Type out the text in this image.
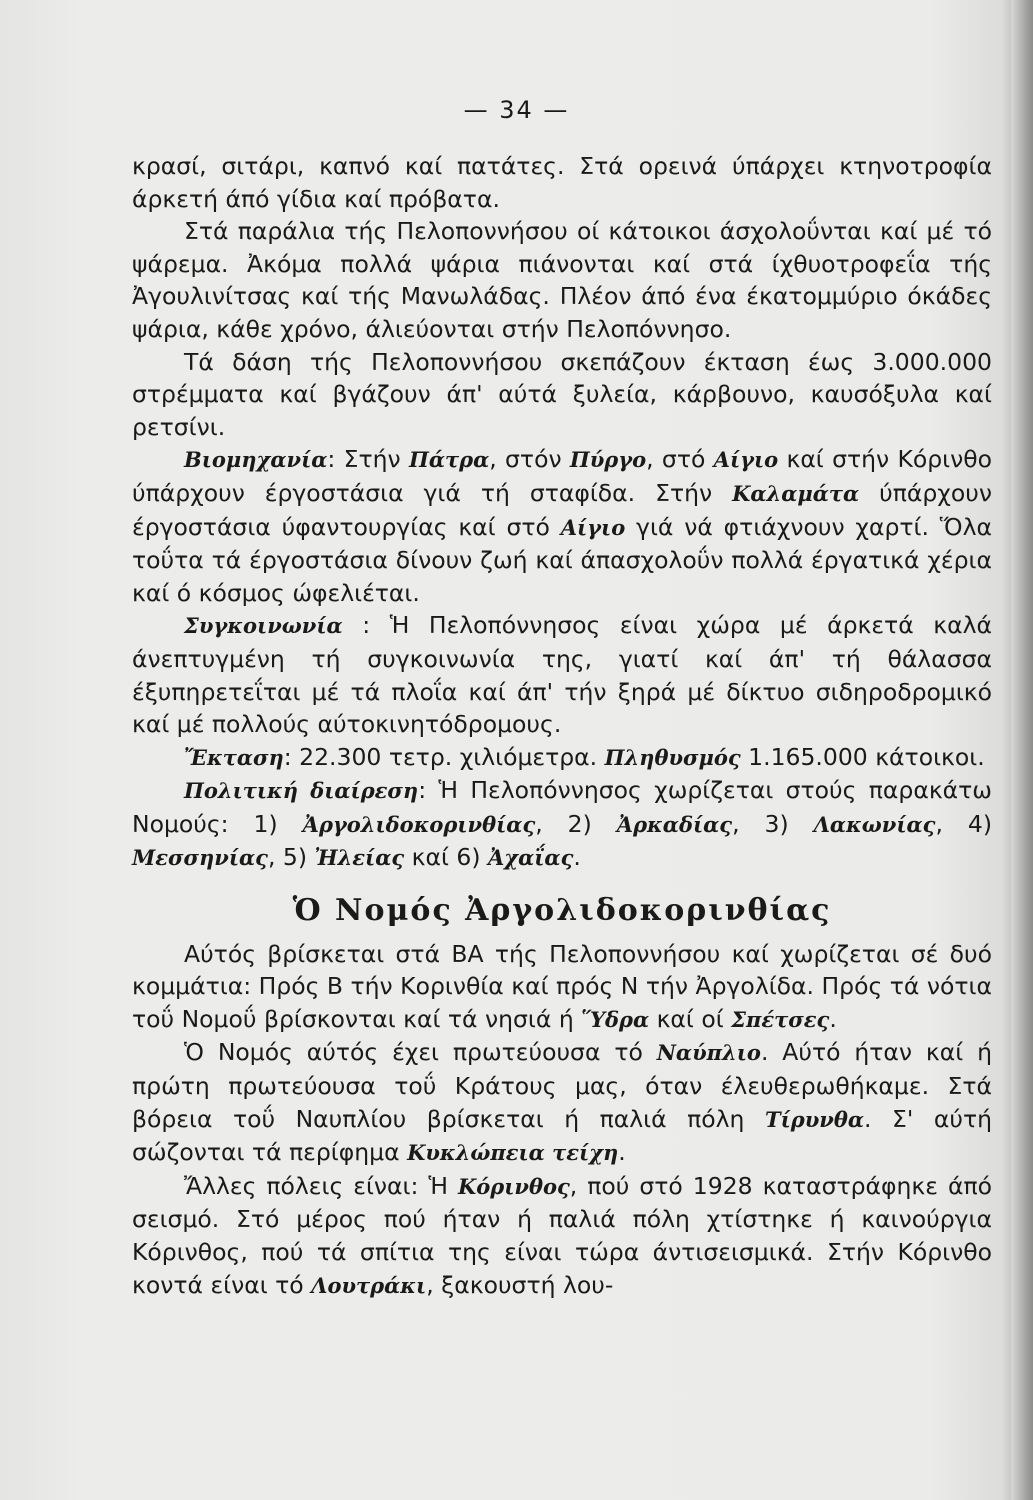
— 34 —

κρασί, σιτάρι, καπνό καί πατάτες. Στά ορεινά ύπάρχει κτηνοτροφία άρκετή άπό γίδια καί πρόβατα.

Στά παράλια τής Πελοποννήσου οί κάτοικοι άσχολοΰνται καί μέ τό ψάρεμα. Ἀκόμα πολλά ψάρια πιάνονται καί στά ίχθυοτροφεΐα τής Ἀγουλινίτσας καί τής Μανωλάδας. Πλέον άπό ένα έκατομμύριο όκάδες ψάρια, κάθε χρόνο, άλιεύονται στήν Πελοπόννησο.

Τά δάση τής Πελοποννήσου σκεπάζουν έκταση έως 3.000.000 στρέμματα καί βγάζουν άπ' αύτά ξυλεία, κάρβουνο, καυσόξυλα καί ρετσίνι.

Βιομηχανία: Στήν Πάτρα, στόν Πύργο, στό Αίγιο καί στήν Κόρινθο ύπάρχουν έργοστάσια γιά τή σταφίδα. Στήν Καλαμάτα ύπάρχουν έργοστάσια ύφαντουργίας καί στό Αίγιο γιά νά φτιάχνουν χαρτί. Ὅλα τοΰτα τά έργοστάσια δίνουν ζωή καί άπασχολοΰν πολλά έργατικά χέρια καί ό κόσμος ώφελιέται.

Συγκοινωνία : Ἡ Πελοπόννησος είναι χώρα μέ άρκετά καλά άνεπτυγμένη τή συγκοινωνία της, γιατί καί άπ' τή θάλασσα έξυπηρετεΐται μέ τά πλοΐα καί άπ' τήν ξηρά μέ δίκτυο σιδηροδρομικό καί μέ πολλούς αύτοκινητόδρομους.

Ἔκταση: 22.300 τετρ. χιλιόμετρα. Πληθυσμός 1.165.000 κάτοικοι.

Πολιτική διαίρεση: Ἡ Πελοπόννησος χωρίζεται στούς παρακάτω Νομούς: 1) Ἀργολιδοκορινθίας, 2) Ἀρκαδίας, 3) Λακωνίας, 4) Μεσσηνίας, 5) Ἠλείας καί 6) Ἀχαΐας.

Ὁ Νομός Ἀργολιδοκορινθίας

Αύτός βρίσκεται στά ΒΑ τής Πελοποννήσου καί χωρίζεται σέ δυό κομμάτια: Πρός Β τήν Κορινθία καί πρός Ν τήν Ἀργολίδα. Πρός τά νότια τοΰ Νομοΰ βρίσκονται καί τά νησιά ή Ὕδρα καί οί Σπέτσες.

Ὁ Νομός αύτός έχει πρωτεύουσα τό Ναύπλιο. Αύτό ήταν καί ή πρώτη πρωτεύουσα τοΰ Κράτους μας, όταν έλευθερωθήκαμε. Στά βόρεια τοΰ Ναυπλίου βρίσκεται ή παλιά πόλη Τίρυνθα. Σ' αύτή σώζονται τά περίφημα Κυκλώπεια τείχη.

Ἄλλες πόλεις είναι: Ἡ Κόρινθος, πού στό 1928 καταστράφηκε άπό σεισμό. Στό μέρος πού ήταν ή παλιά πόλη χτίστηκε ή καινούργια Κόρινθος, πού τά σπίτια της είναι τώρα άντισεισμικά. Στήν Κόρινθο κοντά είναι τό Λουτράκι, ξακουστή λου-
